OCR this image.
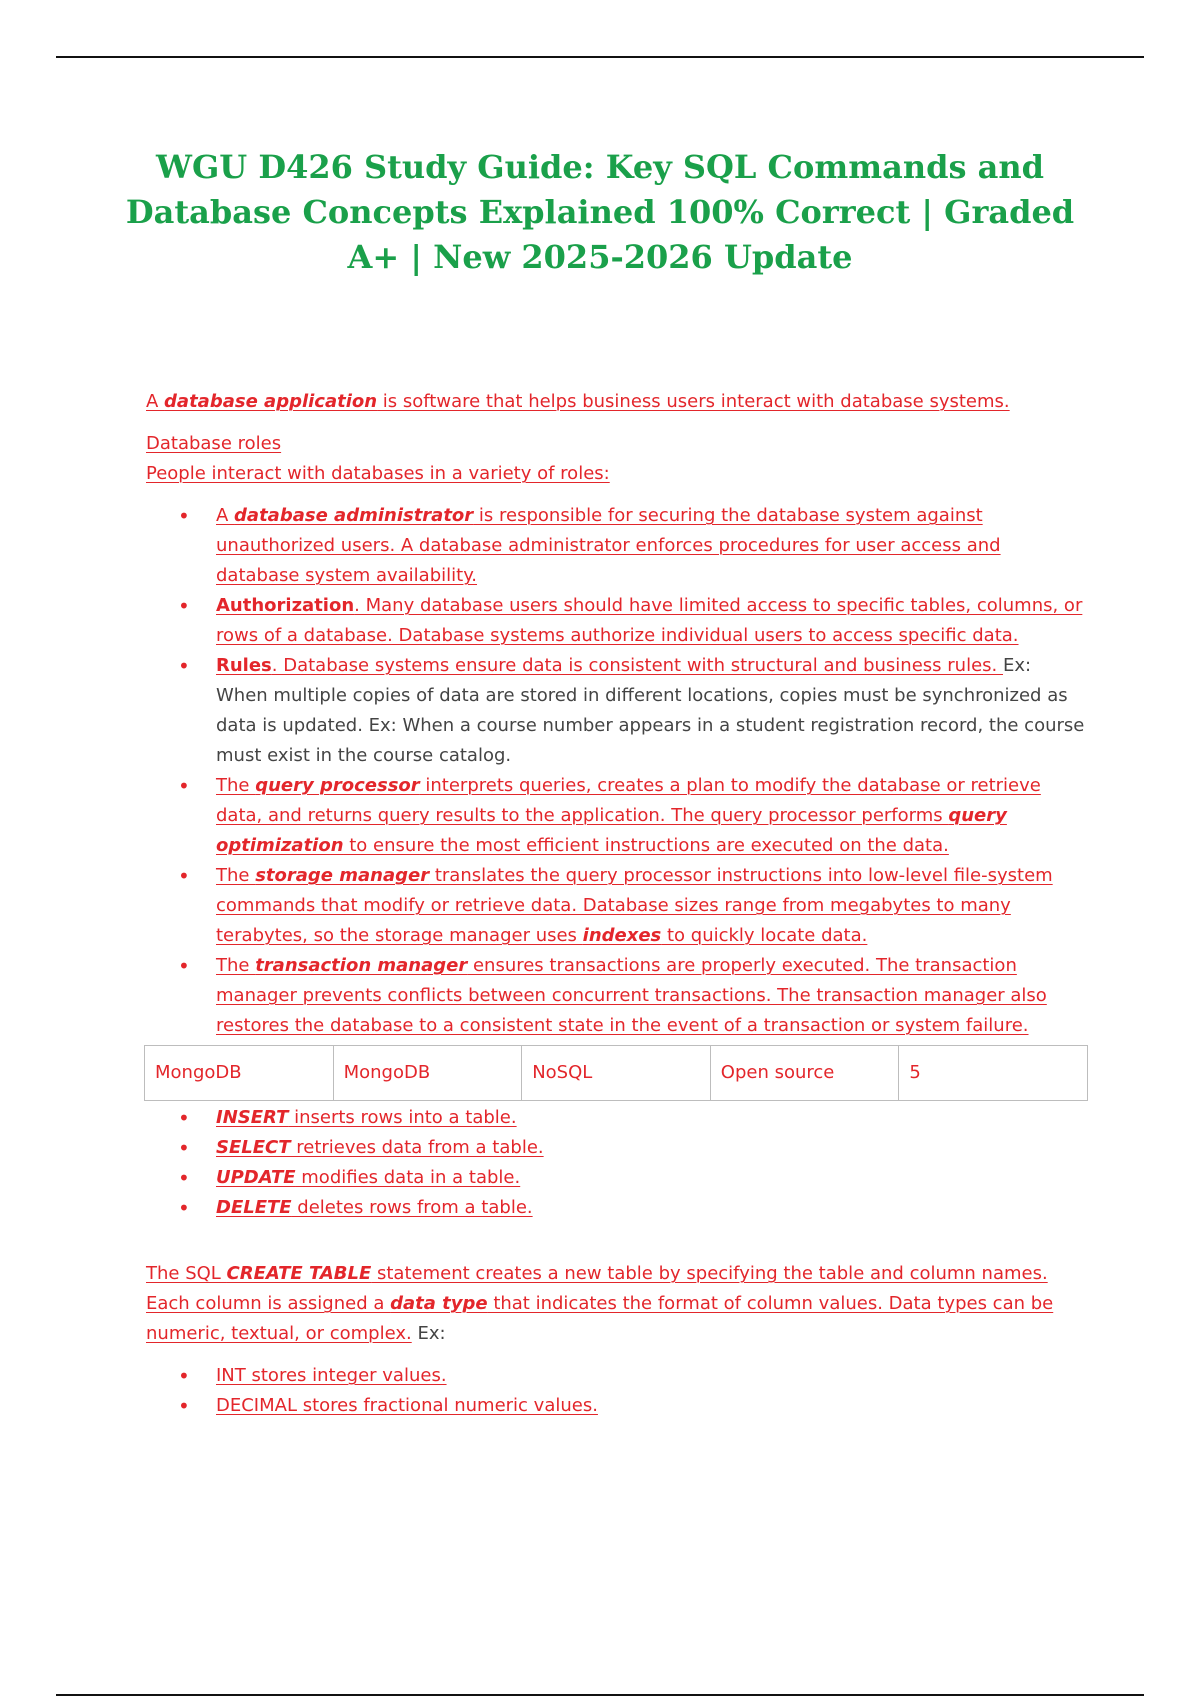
WGU D426 Study Guide: Key SQL Commands and Database Concepts Explained 100% Correct | Graded A+ | New 2025-2026 Update

A database application is software that helps business users interact with database systems.

Database roles

People interact with databases in a variety of roles:

• A database administrator is responsible for securing the database system against unauthorized users. A database administrator enforces procedures for user access and database system availability.
• Authorization. Many database users should have limited access to specific tables, columns, or rows of a database. Database systems authorize individual users to access specific data.
• Rules. Database systems ensure data is consistent with structural and business rules. Ex: When multiple copies of data are stored in different locations, copies must be synchronized as data is updated. Ex: When a course number appears in a student registration record, the course must exist in the course catalog.
• The query processor interprets queries, creates a plan to modify the database or retrieve data, and returns query results to the application. The query processor performs query optimization to ensure the most efficient instructions are executed on the data.
• The storage manager translates the query processor instructions into low-level file-system commands that modify or retrieve data. Database sizes range from megabytes to many terabytes, so the storage manager uses indexes to quickly locate data.
• The transaction manager ensures transactions are properly executed. The transaction manager prevents conflicts between concurrent transactions. The transaction manager also restores the database to a consistent state in the event of a transaction or system failure.
MongoDB	MongoDB	NoSQL	Open source	5
• INSERT inserts rows into a table.
• SELECT retrieves data from a table.
• UPDATE modifies data in a table.
• DELETE deletes rows from a table.

The SQL CREATE TABLE statement creates a new table by specifying the table and column names. Each column is assigned a data type that indicates the format of column values. Data types can be numeric, textual, or complex. Ex:

• INT stores integer values.
• DECIMAL stores fractional numeric values.
